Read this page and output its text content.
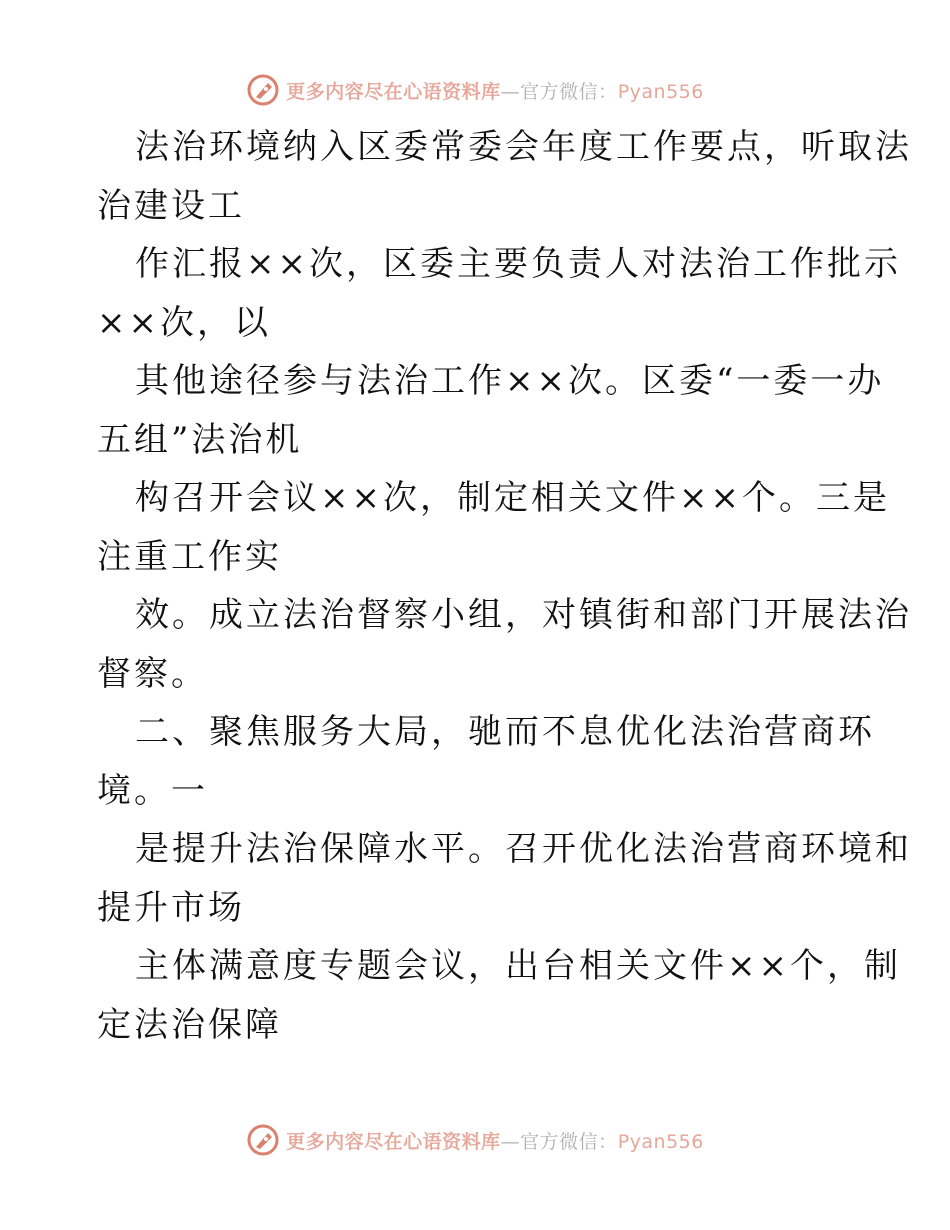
更多内容尽在心语资料库—官方微信：Pyan556
法治环境纳入区委常委会年度工作要点，听取法
治建设工
作汇报××次，区委主要负责人对法治工作批示
××次，以
其他途径参与法治工作××次。区委“一委一办
五组”法治机
构召开会议××次，制定相关文件××个。三是
注重工作实
效。成立法治督察小组，对镇街和部门开展法治
督察。
二、聚焦服务大局，驰而不息优化法治营商环
境。一
是提升法治保障水平。召开优化法治营商环境和
提升市场
主体满意度专题会议，出台相关文件××个，制
定法治保障
更多内容尽在心语资料库—官方微信：Pyan556
